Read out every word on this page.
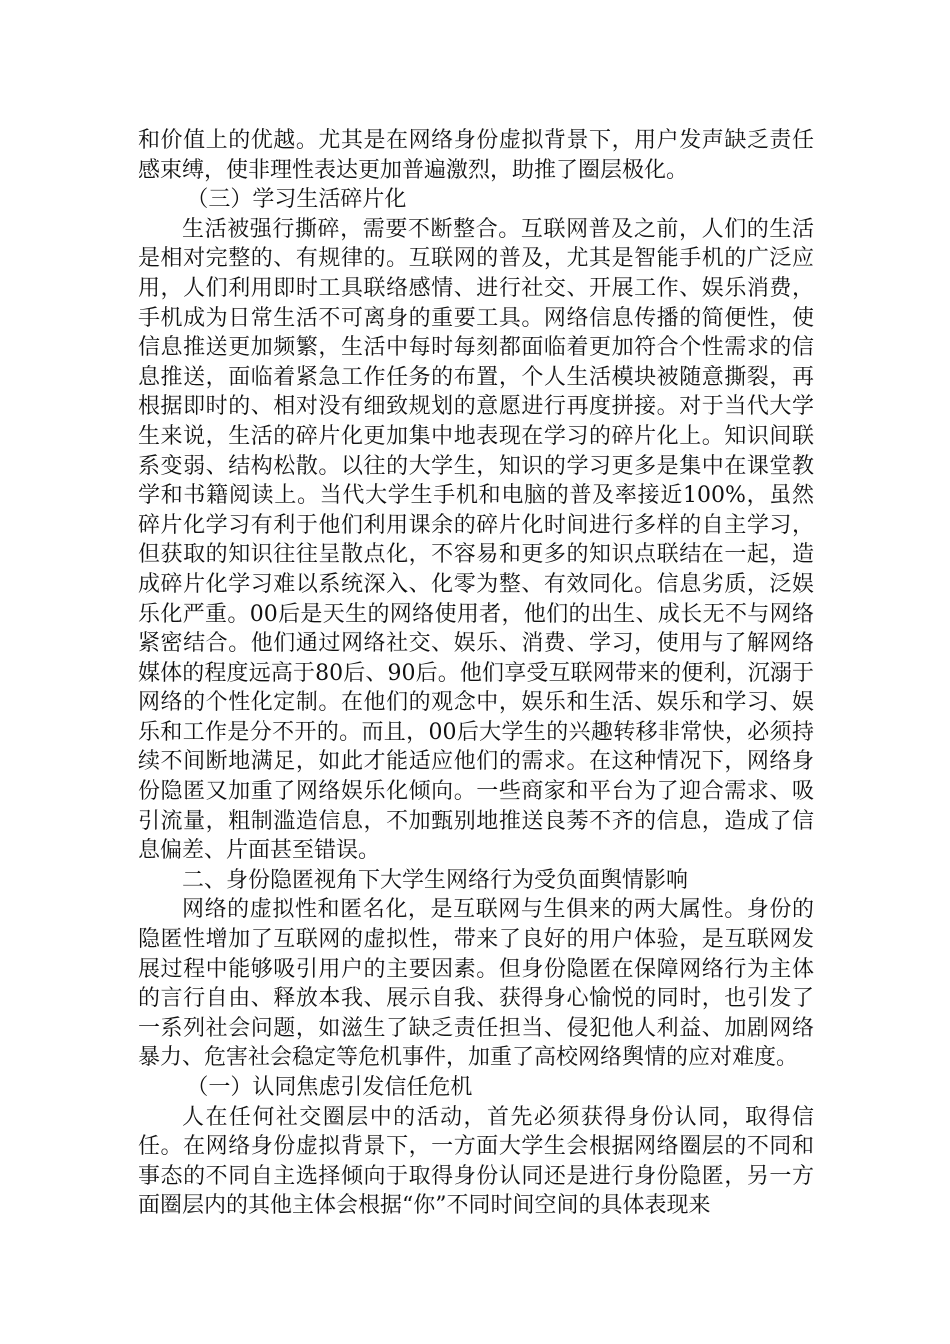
和价值上的优越。尤其是在网络身份虚拟背景下，用户发声缺乏责任感束缚，使非理性表达更加普遍激烈，助推了圈层极化。

（三）学习生活碎片化

生活被强行撕碎，需要不断整合。互联网普及之前，人们的生活是相对完整的、有规律的。互联网的普及，尤其是智能手机的广泛应用，人们利用即时工具联络感情、进行社交、开展工作、娱乐消费，手机成为日常生活不可离身的重要工具。网络信息传播的简便性，使信息推送更加频繁，生活中每时每刻都面临着更加符合个性需求的信息推送，面临着紧急工作任务的布置，个人生活模块被随意撕裂，再根据即时的、相对没有细致规划的意愿进行再度拼接。对于当代大学生来说，生活的碎片化更加集中地表现在学习的碎片化上。知识间联系变弱、结构松散。以往的大学生，知识的学习更多是集中在课堂教学和书籍阅读上。当代大学生手机和电脑的普及率接近100%，虽然碎片化学习有利于他们利用课余的碎片化时间进行多样的自主学习，但获取的知识往往呈散点化，不容易和更多的知识点联结在一起，造成碎片化学习难以系统深入、化零为整、有效同化。信息劣质，泛娱乐化严重。00后是天生的网络使用者，他们的出生、成长无不与网络紧密结合。他们通过网络社交、娱乐、消费、学习，使用与了解网络媒体的程度远高于80后、90后。他们享受互联网带来的便利，沉溺于网络的个性化定制。在他们的观念中，娱乐和生活、娱乐和学习、娱乐和工作是分不开的。而且，00后大学生的兴趣转移非常快，必须持续不间断地满足，如此才能适应他们的需求。在这种情况下，网络身份隐匿又加重了网络娱乐化倾向。一些商家和平台为了迎合需求、吸引流量，粗制滥造信息，不加甄别地推送良莠不齐的信息，造成了信息偏差、片面甚至错误。

二、身份隐匿视角下大学生网络行为受负面舆情影响

网络的虚拟性和匿名化，是互联网与生俱来的两大属性。身份的隐匿性增加了互联网的虚拟性，带来了良好的用户体验，是互联网发展过程中能够吸引用户的主要因素。但身份隐匿在保障网络行为主体的言行自由、释放本我、展示自我、获得身心愉悦的同时，也引发了一系列社会问题，如滋生了缺乏责任担当、侵犯他人利益、加剧网络暴力、危害社会稳定等危机事件，加重了高校网络舆情的应对难度。

（一）认同焦虑引发信任危机

人在任何社交圈层中的活动，首先必须获得身份认同，取得信任。在网络身份虚拟背景下，一方面大学生会根据网络圈层的不同和事态的不同自主选择倾向于取得身份认同还是进行身份隐匿，另一方面圈层内的其他主体会根据“你”不同时间空间的具体表现来
